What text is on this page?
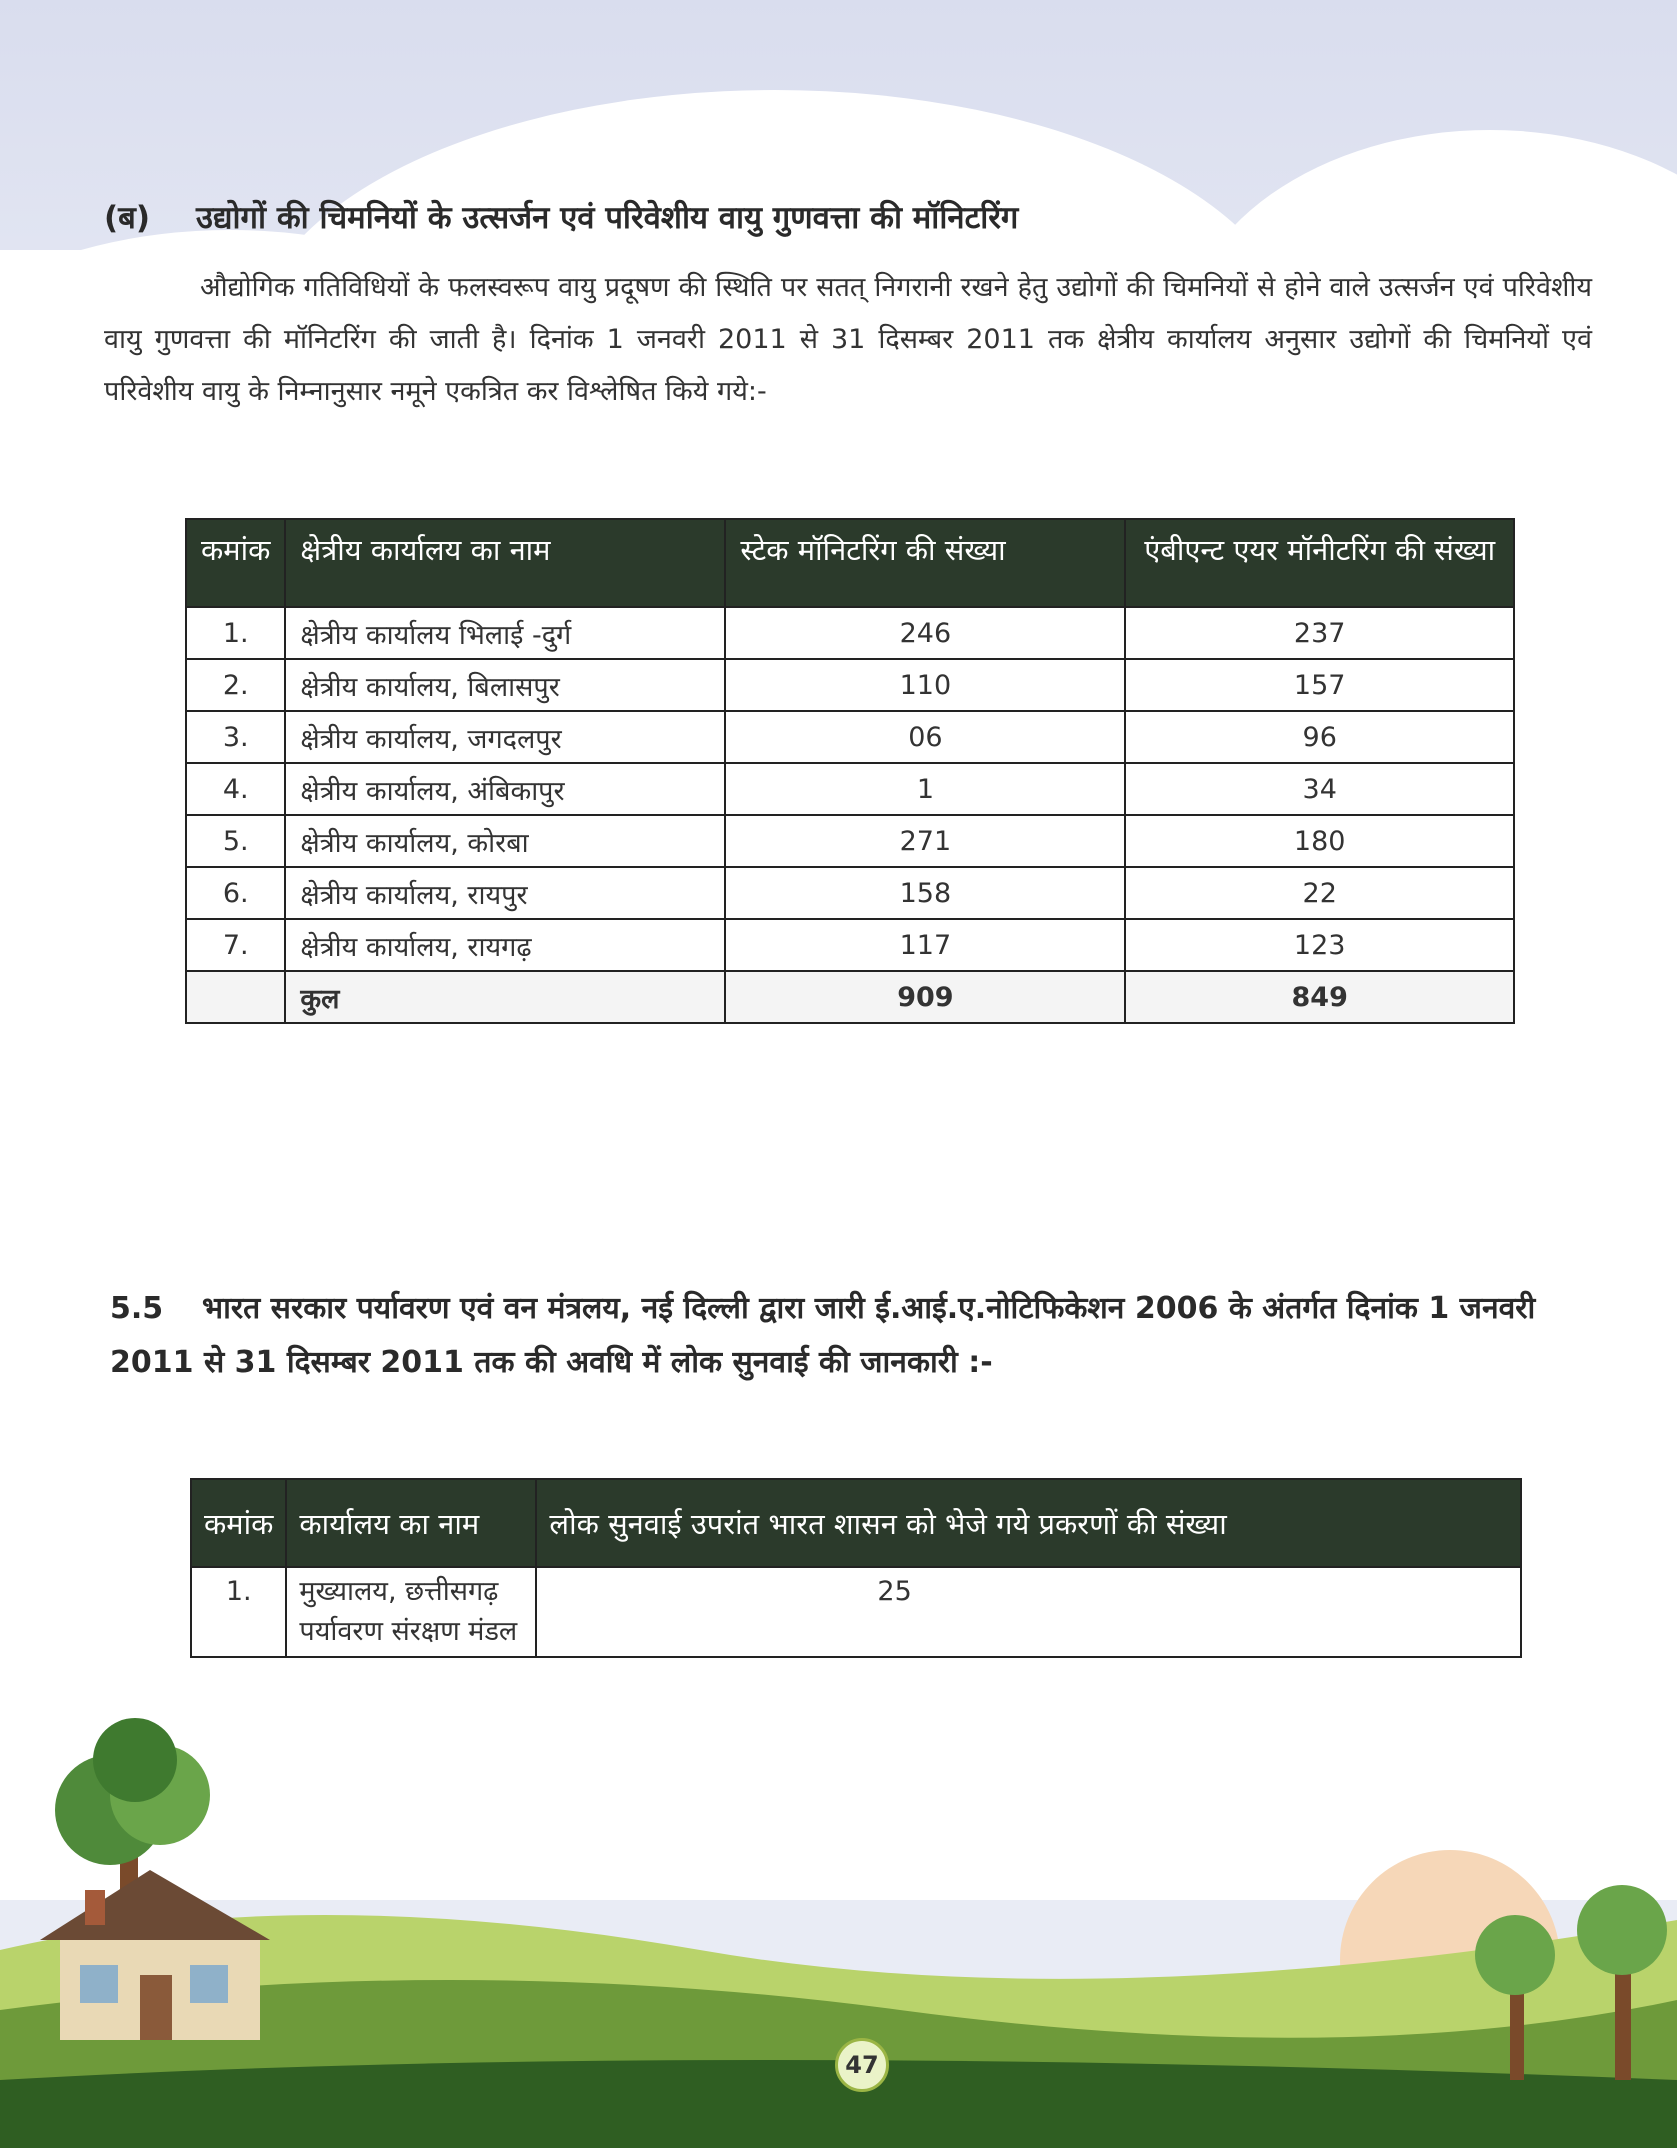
(ब) उद्योगों की चिमनियों के उत्सर्जन एवं परिवेशीय वायु गुणवत्ता की मॉनिटरिंग
औद्योगिक गतिविधियों के फलस्वरूप वायु प्रदूषण की स्थिति पर सतत् निगरानी रखने हेतु उद्योगों की चिमनियों से होने वाले उत्सर्जन एवं परिवेशीय वायु गुणवत्ता की मॉनिटरिंग की जाती है। दिनांक 1 जनवरी 2011 से 31 दिसम्बर 2011 तक क्षेत्रीय कार्यालय अनुसार उद्योगों की चिमनियों एवं परिवेशीय वायु के निम्नानुसार नमूने एकत्रित कर विश्लेषित किये गये:-
कमांक	क्षेत्रीय कार्यालय का नाम	स्टेक मॉनिटरिंग की संख्या	एंबीएन्ट एयर मॉनीटरिंग की संख्या
1.	क्षेत्रीय कार्यालय भिलाई -दुर्ग	246	237
2.	क्षेत्रीय कार्यालय, बिलासपुर	110	157
3.	क्षेत्रीय कार्यालय, जगदलपुर	06	96
4.	क्षेत्रीय कार्यालय, अंबिकापुर	1	34
5.	क्षेत्रीय कार्यालय, कोरबा	271	180
6.	क्षेत्रीय कार्यालय, रायपुर	158	22
7.	क्षेत्रीय कार्यालय, रायगढ़	117	123
	कुल	909	849
5.5 भारत सरकार पर्यावरण एवं वन मंत्रलय, नई दिल्ली द्वारा जारी ई.आई.ए.नोटिफिकेशन 2006 के अंतर्गत दिनांक 1 जनवरी 2011 से 31 दिसम्बर 2011 तक की अवधि में लोक सुनवाई की जानकारी :-
कमांक	कार्यालय का नाम	लोक सुनवाई उपरांत भारत शासन को भेजे गये प्रकरणों की संख्या
1.	मुख्यालय, छत्तीसगढ़ पर्यावरण संरक्षण मंडल	25
47
